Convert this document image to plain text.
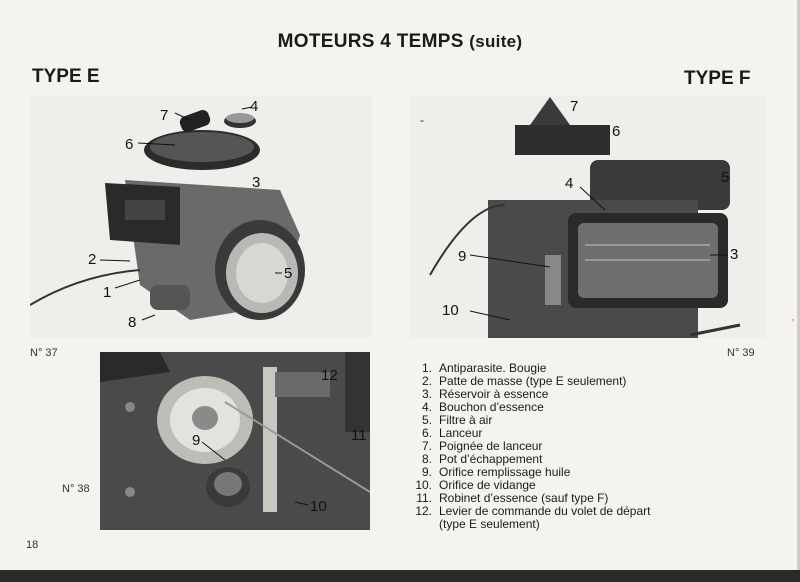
MOTEURS 4 TEMPS (suite)
TYPE E	TYPE F
7
4
6
3
2
1
5
8
N° 37
7
6
5
4
3
9
10
N° 39
-
'
12
9
10
11
N° 38
1. Antiparasite. Bougie
2. Patte de masse (type E seulement)
3. Réservoir à essence
4. Bouchon d’essence
5. Filtre à air
6. Lanceur
7. Poignée de lanceur
8. Pot d’échappement
9. Orifice remplissage huile
10. Orifice de vidange
11. Robinet d’essence (sauf type F)
12. Levier de commande du volet de départ
(type E seulement)
18
